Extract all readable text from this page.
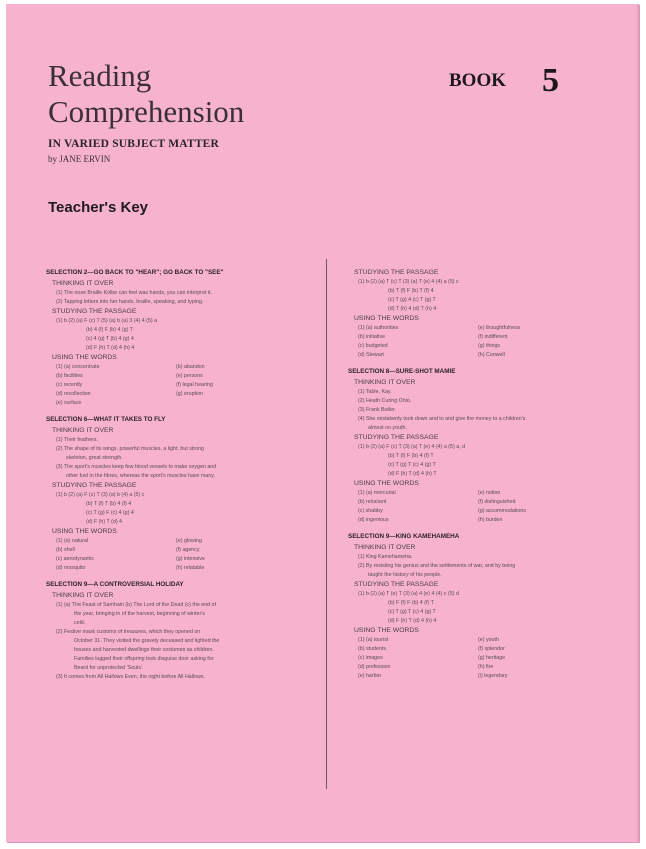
Reading
Comprehension
IN VARIED SUBJECT MATTER
by JANE ERVIN
BOOK 5
Teacher's Key
SELECTION 2—GO BACK TO "HEAR"; GO BACK TO "SEE"
THINKING IT OVER
(1) The nose Braille Kolbe can feel was hands, you can interpret it.
(2) Tapping letters into her hands, braille, speaking, and typing.
STUDYING THE PASSAGE
(1) b (2) (a) F (c) T (5) (a) b (a) 3 (4) 4 (5) a
(b) 4 (f) F (b) 4 (g) T
(c) 4 (g) T (b) 4 (g) 4
(d) F (h) T (d) 4 (h) 4
USING THE WORDS
(1) (a) concentrate	(b) abandon
(b) facilities	(e) persons
(c) recently	(f) legal hearing
(d) recollection	(g) eruption
(e) surface
SELECTION 6—WHAT IT TAKES TO FLY
THINKING IT OVER
(1) Their feathers.
(2) The shape of its wings, powerful muscles, a light, but strong
skeleton, great strength.
(3) The sport's muscles keep few blood vessels to make oxygen and
other fuel in the fibres, whereas the sport's muscles have many.
STUDYING THE PASSAGE
(1) b (2) (a) F (c) T (3) (a) b (4) a (5) c
(b) T (f) T (b) 4 (f) 4
(c) T (g) F (c) 4 (g) 4
(d) F (h) T (d) 4
USING THE WORDS
(1) (a) natural	(e) glowing
(b) shell	(f) agency
(c) aerodynamic	(g) intensive
(d) mosquito	(h) relatable
SELECTION 9—A CONTROVERSIAL HOLIDAY
THINKING IT OVER
(1) (a) The Feast of Samhain (b) The Lord of the Dead (c) the end of
the year, bringing in of the harvest, beginning of winter's
cold.
(2) Festive mask customs of treasures, which they opened on
October 31. They visited the gravely deceased and lighted the
houses and harvested dwellings their costumes as children.
Families lugged their offspring took disguise door asking for
Beard for unprotected 'Souls'.
(3) It comes from All Hallows Even, the night before All Hallows.
STUDYING THE PASSAGE
(1) b (2) (a) T (c) T (3) (a) T (e) 4 (4) a (5) c
(b) T (f) F (b) T (f) 4
(c) T (g) 4 (c) T (g) T
(d) T (h) 4 (d) T (h) 4
USING THE WORDS
(1) (a) authorities	(e) thoughtfulness
(b) initiative	(f) indifferent
(c) budgeted	(g) things
(d) Stewart	(h) Conwell
SELECTION 8—SURE-SHOT MAMIE
THINKING IT OVER
(1) Table, Kay.
(2) Heath Curing Ohio.
(3) Frank Butler.
(4) She mistakenly took down and to and give the money to a children's
almost no youth.
STUDYING THE PASSAGE
(1) b (2) (a) F (c) T (3) (a) T (e) 4 (4) a (5) a, d
(b) T (f) F (b) 4 (f) T
(c) T (g) T (c) 4 (g) T
(d) F (h) T (d) 4 (h) T
USING THE WORDS
(1) (a) mercurial	(e) notion
(b) reluctant	(f) distinguished
(c) shabby	(g) accommodations
(d) ingenious	(h) burden
SELECTION 9—KING KAMEHAMEHA
THINKING IT OVER
(1) King Kamehameha.
(2) By resisting his genius and the settlements of war, and by being
taught the history of his people.
STUDYING THE PASSAGE
(1) b (2) (a) T (e) T (3) (a) 4 (e) 4 (4) c (5) d
(b) F (f) F (b) 4 (f) T
(c) T (g) T (c) 4 (g) T
(d) F (h) T (d) 4 (h) 4
USING THE WORDS
(1) (a) tourist	(e) youth
(b) students	(f) splendor
(c) images	(g) heritage
(d) profession	(h) fire
(e) harbor	(i) legendary
